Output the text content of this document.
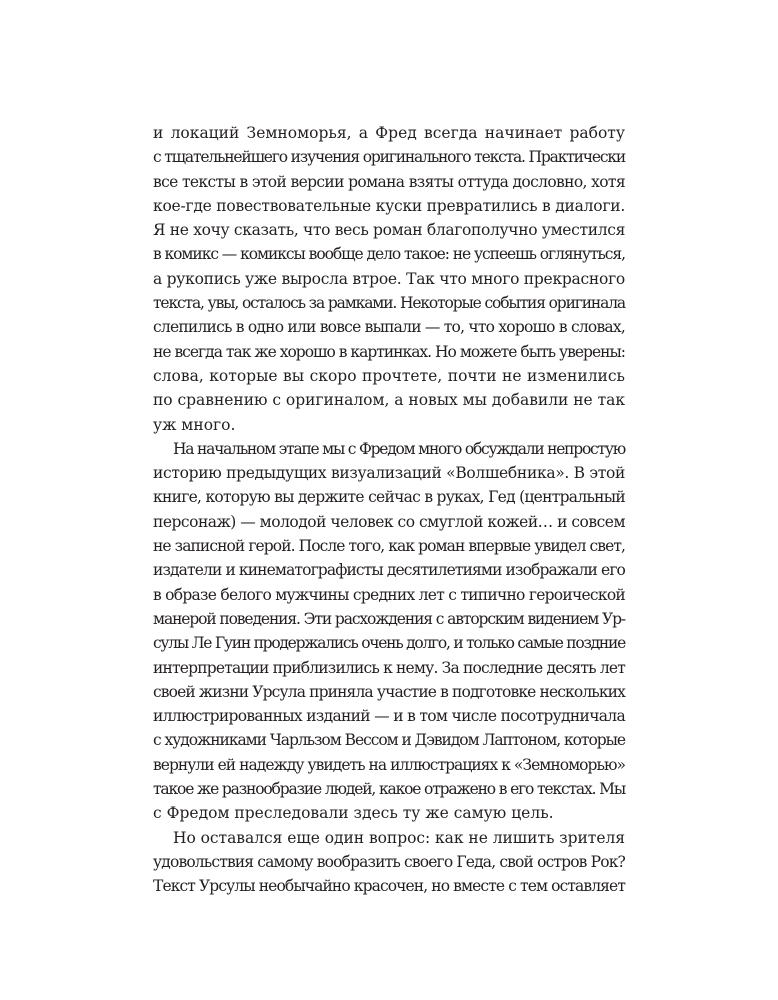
и локаций Земноморья, а Фред всегда начинает работу
с тщательнейшего изучения оригинального текста. Практически
все тексты в этой версии романа взяты оттуда дословно, хотя
кое-где повествовательные куски превратились в диалоги.
Я не хочу сказать, что весь роман благополучно уместился
в комикс — комиксы вообще дело такое: не успеешь оглянуться,
а рукопись уже выросла втрое. Так что много прекрасного
текста, увы, осталось за рамками. Некоторые события оригинала
слепились в одно или вовсе выпали — то, что хорошо в словах,
не всегда так же хорошо в картинках. Но можете быть уверены:
слова, которые вы скоро прочтете, почти не изменились
по сравнению с оригиналом, а новых мы добавили не так
уж много.

На начальном этапе мы с Фредом много обсуждали непростую
историю предыдущих визуализаций «Волшебника». В этой
книге, которую вы держите сейчас в руках, Гед (центральный
персонаж) — молодой человек со смуглой кожей… и совсем
не записной герой. После того, как роман впервые увидел свет,
издатели и кинематографисты десятилетиями изображали его
в образе белого мужчины средних лет с типично героической
манерой поведения. Эти расхождения с авторским видением Ур-
сулы Ле Гуин продержались очень долго, и только самые поздние
интерпретации приблизились к нему. За последние десять лет
своей жизни Урсула приняла участие в подготовке нескольких
иллюстрированных изданий — и в том числе посотрудничала
с художниками Чарльзом Вессом и Дэвидом Лаптоном, которые
вернули ей надежду увидеть на иллюстрациях к «Земноморью»
такое же разнообразие людей, какое отражено в его текстах. Мы
с Фредом преследовали здесь ту же самую цель.

Но оставался еще один вопрос: как не лишить зрителя
удовольствия самому вообразить своего Геда, свой остров Рок?
Текст Урсулы необычайно красочен, но вместе с тем оставляет
